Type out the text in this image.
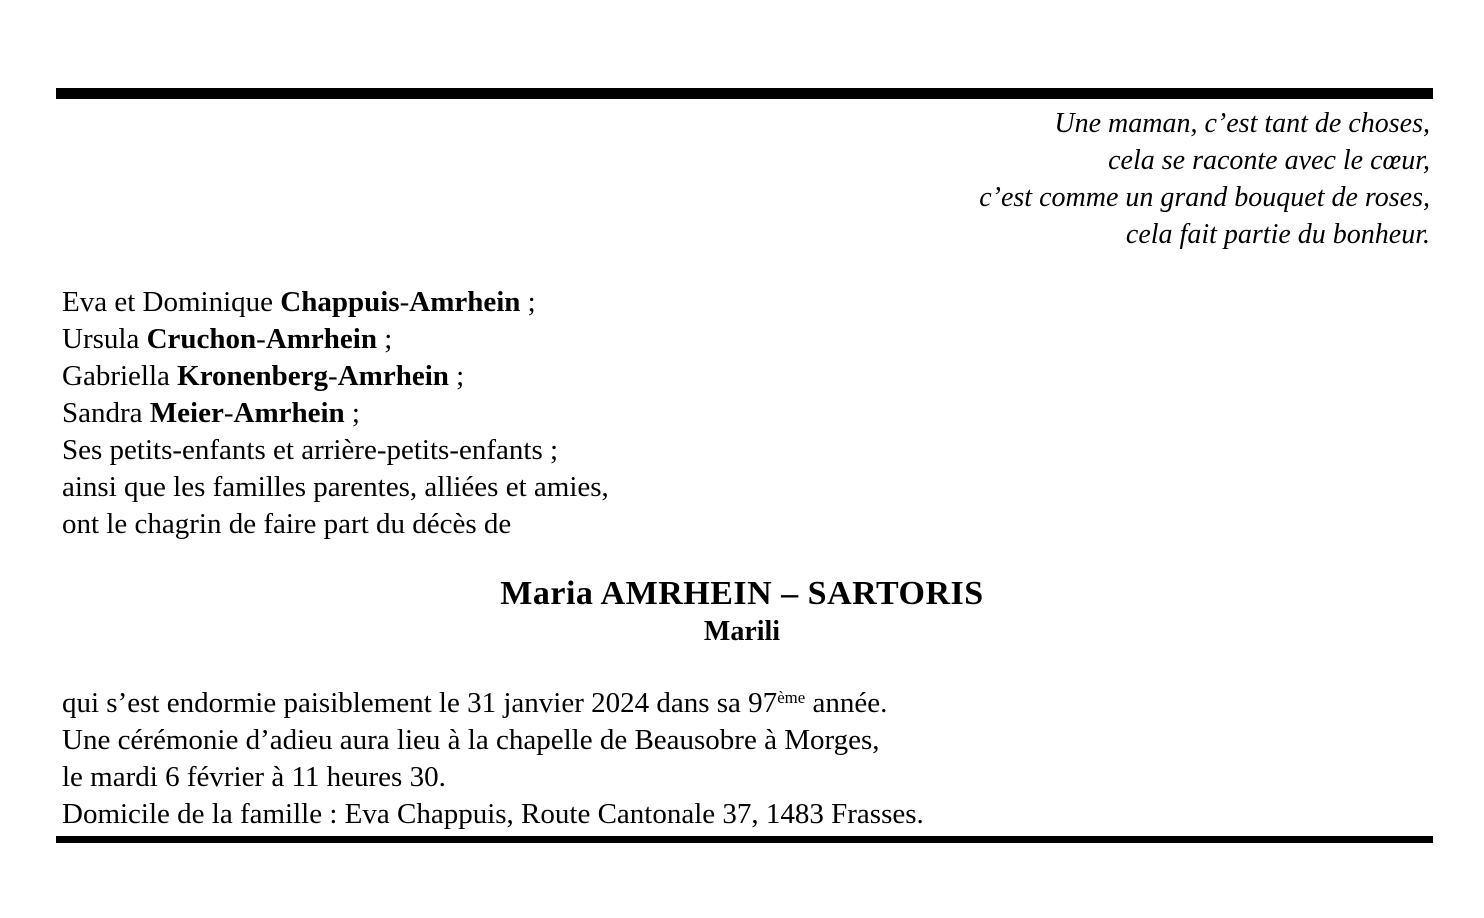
Une maman, c’est tant de choses,
cela se raconte avec le cœur,
c’est comme un grand bouquet de roses,
cela fait partie du bonheur.
Eva et Dominique Chappuis-Amrhein ;
Ursula Cruchon-Amrhein ;
Gabriella Kronenberg-Amrhein ;
Sandra Meier-Amrhein ;
Ses petits-enfants et arrière-petits-enfants ;
ainsi que les familles parentes, alliées et amies,
ont le chagrin de faire part du décès de
Maria AMRHEIN – SARTORIS
Marili
qui s’est endormie paisiblement le 31 janvier 2024 dans sa 97ème année.
Une cérémonie d’adieu aura lieu à la chapelle de Beausobre à Morges,
le mardi 6 février à 11 heures 30.
Domicile de la famille : Eva Chappuis, Route Cantonale 37, 1483 Frasses.
